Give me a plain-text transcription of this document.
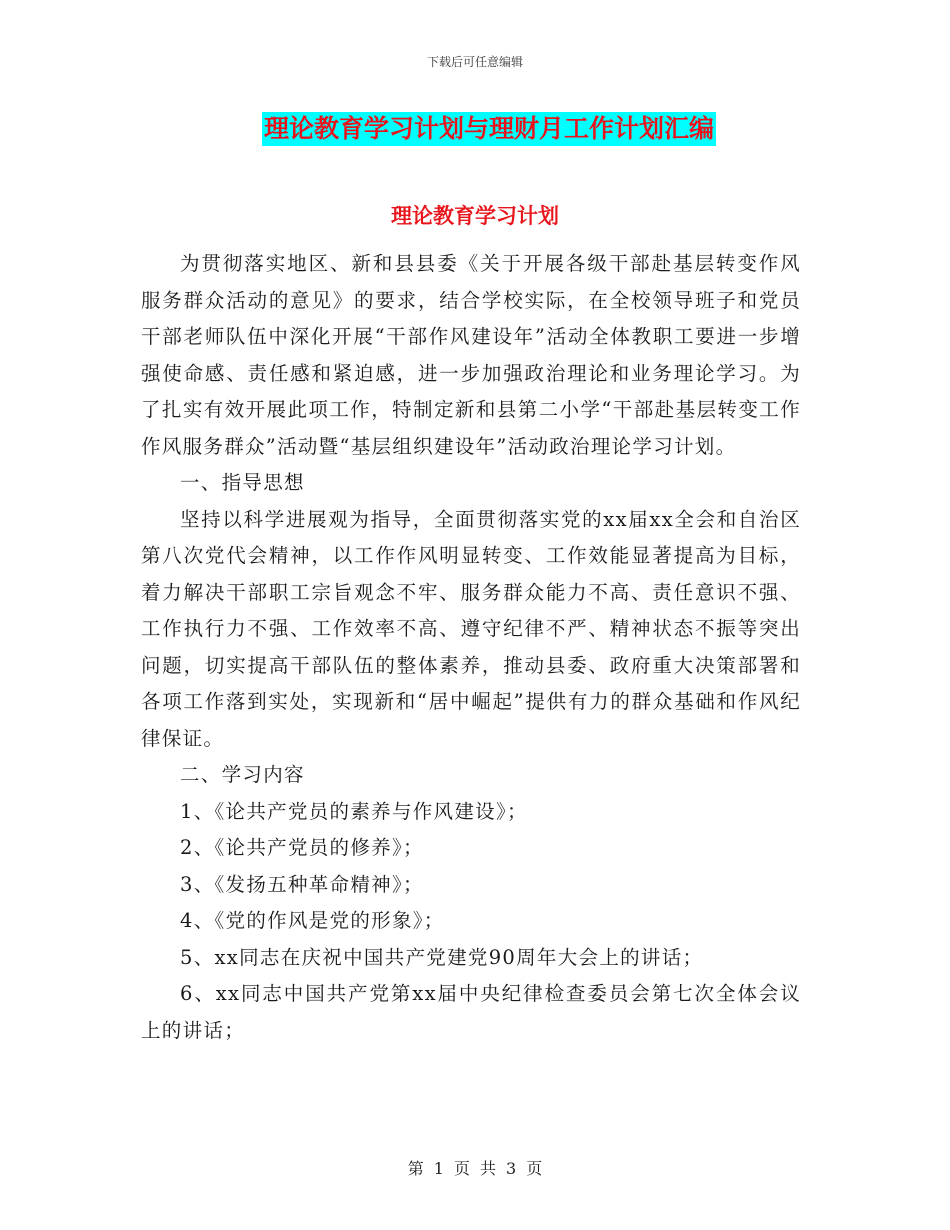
下载后可任意编辑
理论教育学习计划与理财月工作计划汇编
理论教育学习计划

为贯彻落实地区、新和县县委《关于开展各级干部赴基层转变作风服务群众活动的意见》的要求，结合学校实际，在全校领导班子和党员干部老师队伍中深化开展“干部作风建设年”活动全体教职工要进一步增强使命感、责任感和紧迫感，进一步加强政治理论和业务理论学习。为了扎实有效开展此项工作，特制定新和县第二小学“干部赴基层转变工作作风服务群众”活动暨“基层组织建设年”活动政治理论学习计划。

一、指导思想

坚持以科学进展观为指导，全面贯彻落实党的xx届xx全会和自治区第八次党代会精神，以工作作风明显转变、工作效能显著提高为目标，着力解决干部职工宗旨观念不牢、服务群众能力不高、责任意识不强、工作执行力不强、工作效率不高、遵守纪律不严、精神状态不振等突出问题，切实提高干部队伍的整体素养，推动县委、政府重大决策部署和各项工作落到实处，实现新和“居中崛起”提供有力的群众基础和作风纪律保证。

二、学习内容

1、《论共产党员的素养与作风建设》；

2、《论共产党员的修养》；

3、《发扬五种革命精神》；

4、《党的作风是党的形象》；

5、xx同志在庆祝中国共产党建党90周年大会上的讲话；

6、xx同志中国共产党第xx届中央纪律检查委员会第七次全体会议上的讲话；

第 1 页 共 3 页
